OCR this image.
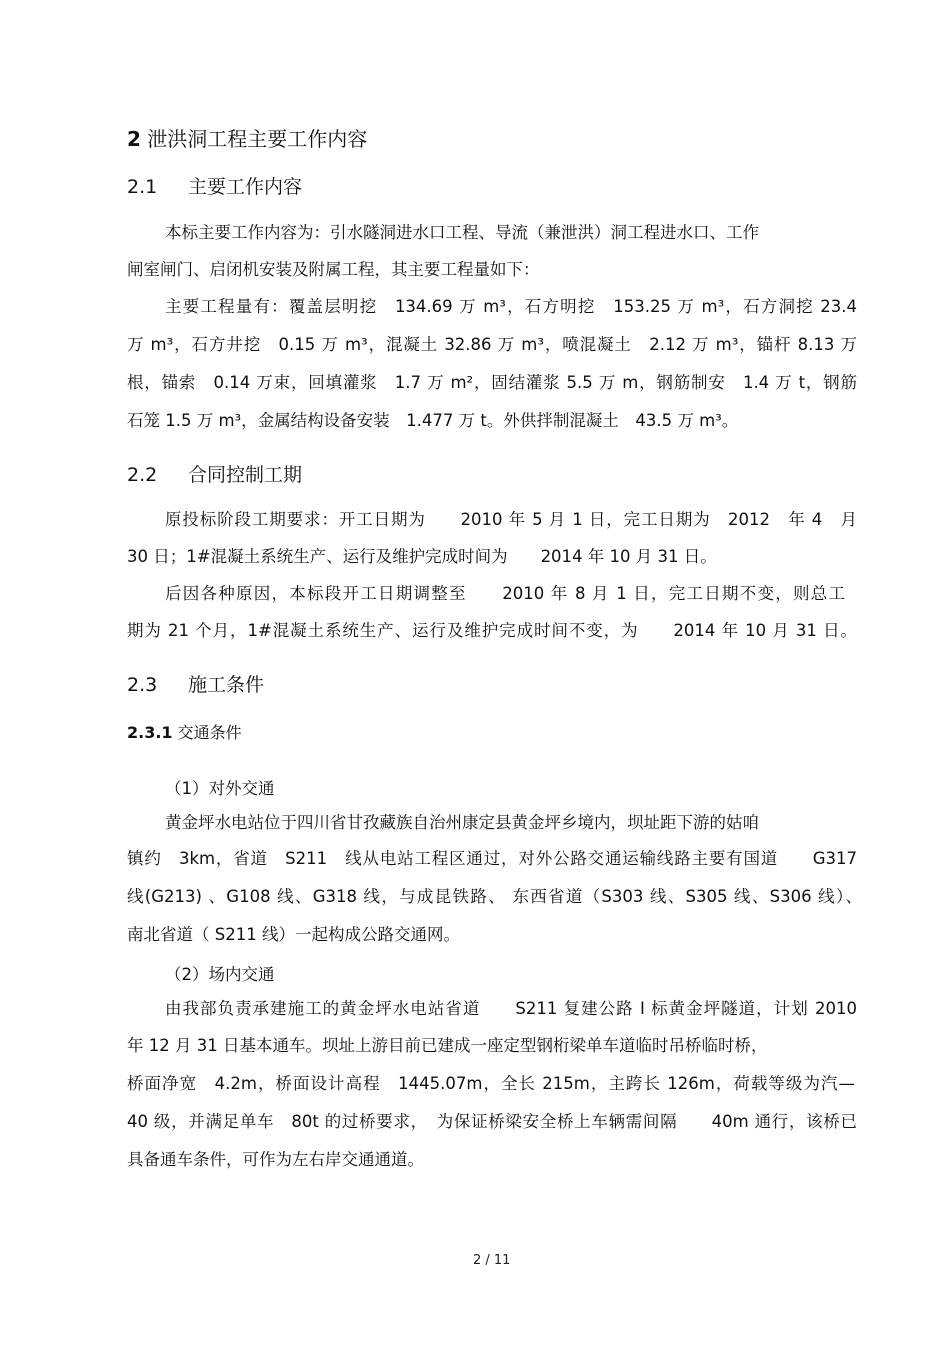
2 泄洪洞工程主要工作内容
2.1 主要工作内容
本标主要工作内容为：引水隧洞进水口工程、导流（兼泄洪）洞工程进水口、工作
闸室闸门、启闭机安装及附属工程，其主要工程量如下：
主要工程量有：覆盖层明挖　134.69 万 m³，石方明挖　153.25 万 m³，石方洞挖 23.4
万 m³，石方井挖　0.15 万 m³，混凝土 32.86 万 m³，喷混凝土　2.12 万 m³，锚杆 8.13 万
根，锚索　0.14 万束，回填灌浆　1.7 万 m²，固结灌浆 5.5 万 m，钢筋制安　1.4 万 t，钢筋
石笼 1.5 万 m³，金属结构设备安装　1.477 万 t。外供拌制混凝土　43.5 万 m³。
2.2 合同控制工期
原投标阶段工期要求：开工日期为　　2010 年 5 月 1 日，完工日期为　2012　年 4　月
30 日；1#混凝土系统生产、运行及维护完成时间为　　2014 年 10 月 31 日。
后因各种原因，本标段开工日期调整至　　2010 年 8 月 1 日，完工日期不变，则总工
期为 21 个月，1#混凝土系统生产、运行及维护完成时间不变，为　　2014 年 10 月 31 日。
2.3 施工条件
2.3.1 交通条件
（1）对外交通
黄金坪水电站位于四川省甘孜藏族自治州康定县黄金坪乡境内，坝址距下游的姑咱
镇约　3km，省道　S211　线从电站工程区通过，对外公路交通运输线路主要有国道　　G317
线(G213) 、G108 线、G318 线，与成昆铁路、 东西省道（S303 线、S305 线、S306 线）、
南北省道（ S211 线）一起构成公路交通网。
（2）场内交通
由我部负责承建施工的黄金坪水电站省道　　S211 复建公路 I 标黄金坪隧道，计划 2010
年 12 月 31 日基本通车。坝址上游目前已建成一座定型钢桁梁单车道临时吊桥临时桥，
桥面净宽　4.2m，桥面设计高程　1445.07m，全长 215m，主跨长 126m，荷载等级为汽—
40 级，并满足单车　80t 的过桥要求，　为保证桥梁安全桥上车辆需间隔　　40m 通行，该桥已
具备通车条件，可作为左右岸交通通道。
2 / 11
